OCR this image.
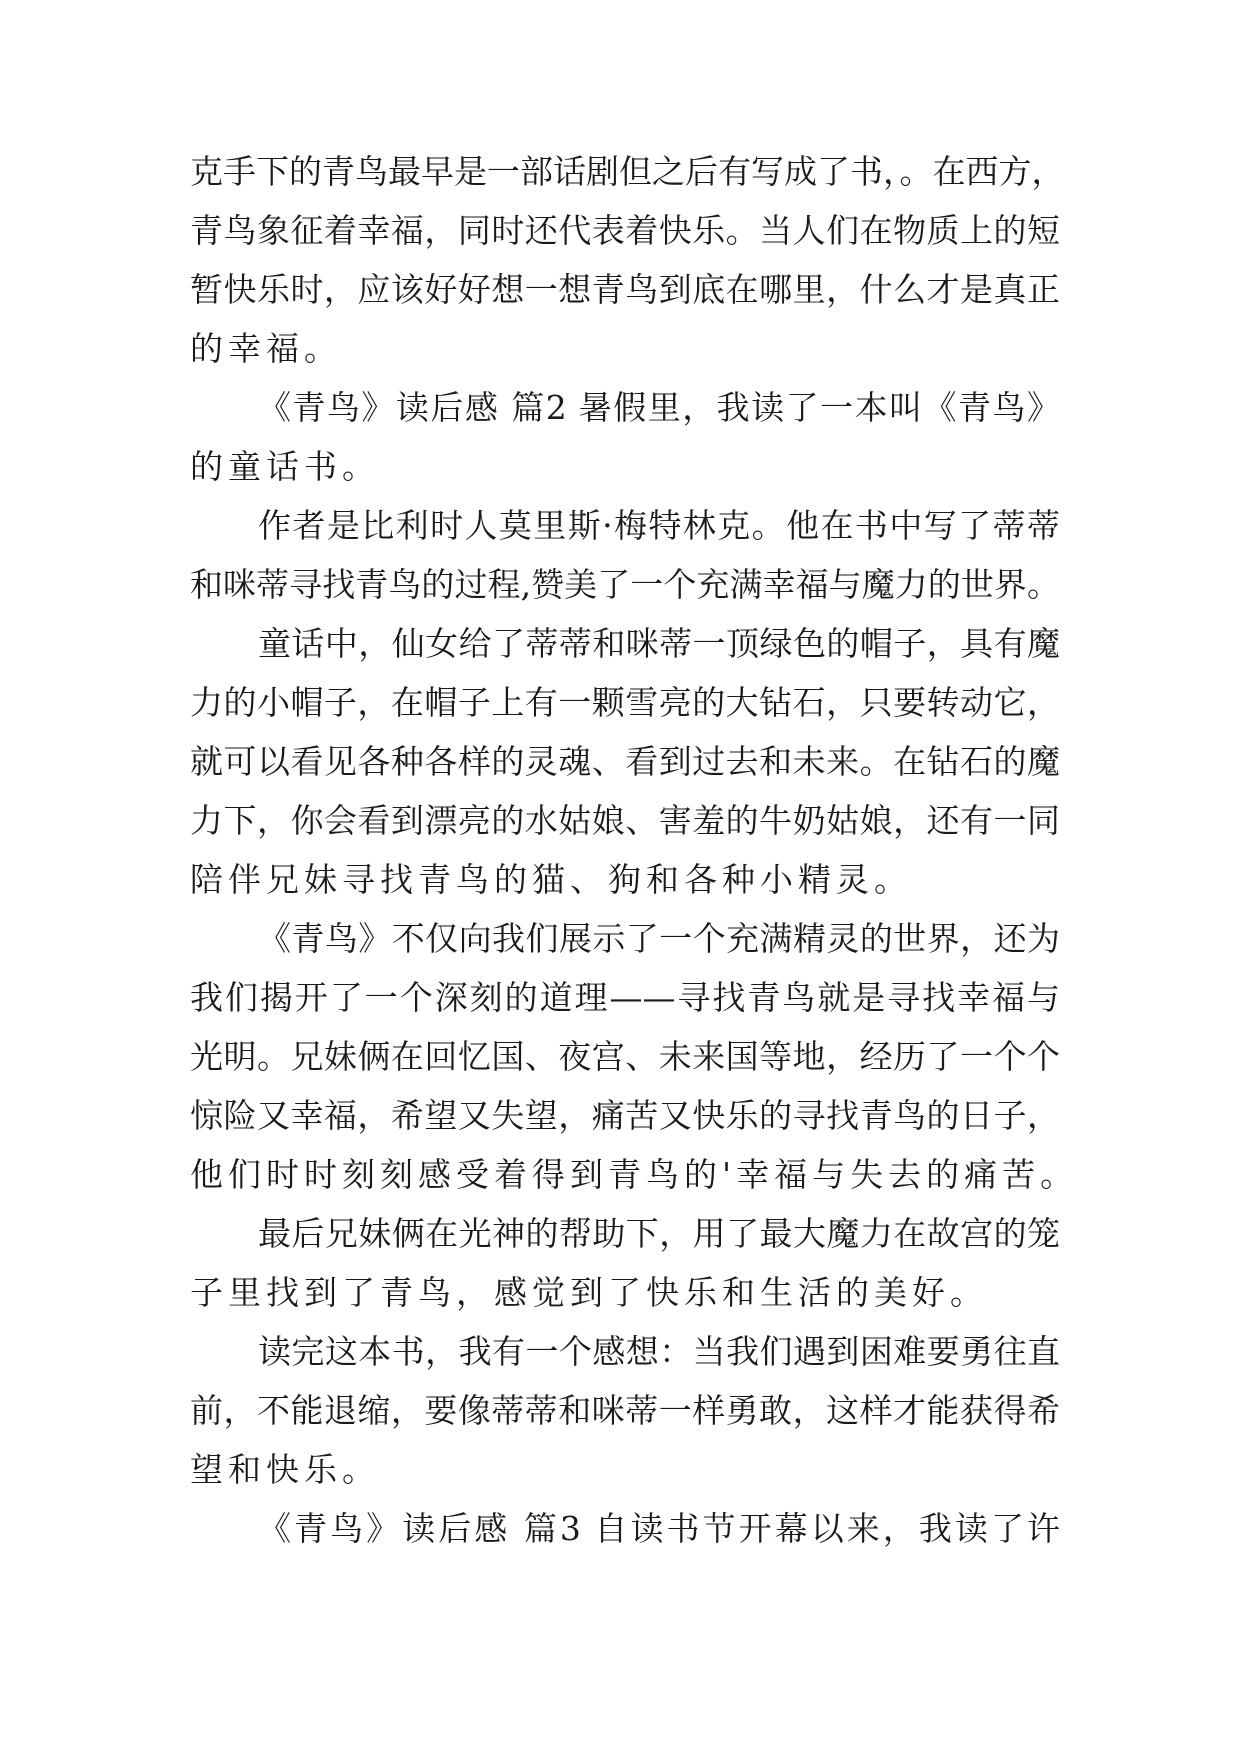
克手下的青鸟最早是一部话剧但之后有写成了书，。在西方，
青鸟象征着幸福，同时还代表着快乐。当人们在物质上的短
暂快乐时，应该好好想一想青鸟到底在哪里，什么才是真正
的幸福。
《青鸟》读后感 篇2 暑假里，我读了一本叫《青鸟》
的童话书。
作者是比利时人莫里斯·梅特林克。他在书中写了蒂蒂
和咪蒂寻找青鸟的过程,赞美了一个充满幸福与魔力的世界。
童话中，仙女给了蒂蒂和咪蒂一顶绿色的帽子，具有魔
力的小帽子，在帽子上有一颗雪亮的大钻石，只要转动它，
就可以看见各种各样的灵魂、看到过去和未来。在钻石的魔
力下，你会看到漂亮的水姑娘、害羞的牛奶姑娘，还有一同
陪伴兄妹寻找青鸟的猫、狗和各种小精灵。
《青鸟》不仅向我们展示了一个充满精灵的世界，还为
我们揭开了一个深刻的道理——寻找青鸟就是寻找幸福与
光明。兄妹俩在回忆国、夜宫、未来国等地，经历了一个个
惊险又幸福，希望又失望，痛苦又快乐的寻找青鸟的日子，
他们时时刻刻感受着得到青鸟的'幸福与失去的痛苦。
最后兄妹俩在光神的帮助下，用了最大魔力在故宫的笼
子里找到了青鸟，感觉到了快乐和生活的美好。
读完这本书，我有一个感想：当我们遇到困难要勇往直
前，不能退缩，要像蒂蒂和咪蒂一样勇敢，这样才能获得希
望和快乐。
《青鸟》读后感 篇3 自读书节开幕以来，我读了许
